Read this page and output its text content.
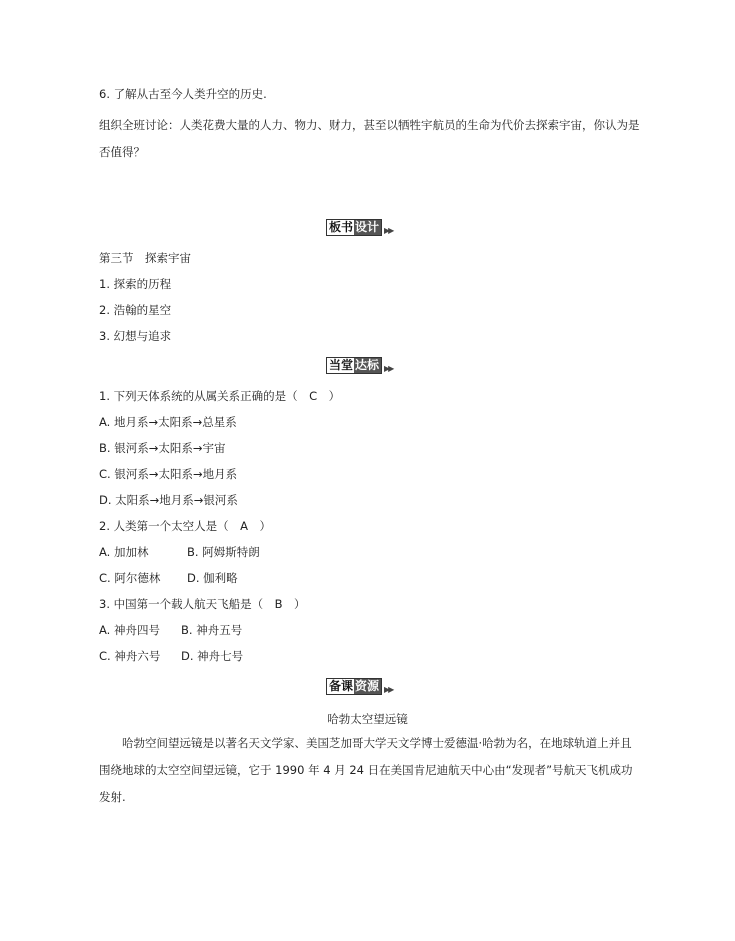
6. 了解从古至今人类升空的历史.
组织全班讨论：人类花费大量的人力、物力、财力，甚至以牺牲宇航员的生命为代价去探索宇宙，你认为是否值得？
板书 设计 ▶▶
第三节　探索宇宙
1. 探索的历程
2. 浩翰的星空
3. 幻想与追求
当堂 达标 ▶▶
1. 下列天体系统的从属关系正确的是（　C　）
A. 地月系→太阳系→总星系
B. 银河系→太阳系→宇宙
C. 银河系→太阳系→地月系
D. 太阳系→地月系→银河系
2. 人类第一个太空人是（　A　）
A. 加加林	B. 阿姆斯特朗
C. 阿尔德林 D. 伽利略
3. 中国第一个载人航天飞船是（　B　）
A. 神舟四号 B. 神舟五号
C. 神舟六号 D. 神舟七号
备课 资源 ▶▶
哈勃太空望远镜
哈勃空间望远镜是以著名天文学家、美国芝加哥大学天文学博士爱德温·哈勃为名，在地球轨道上并且围绕地球的太空空间望远镜，它于 1990 年 4 月 24 日在美国肯尼迪航天中心由“发现者”号航天飞机成功发射.
